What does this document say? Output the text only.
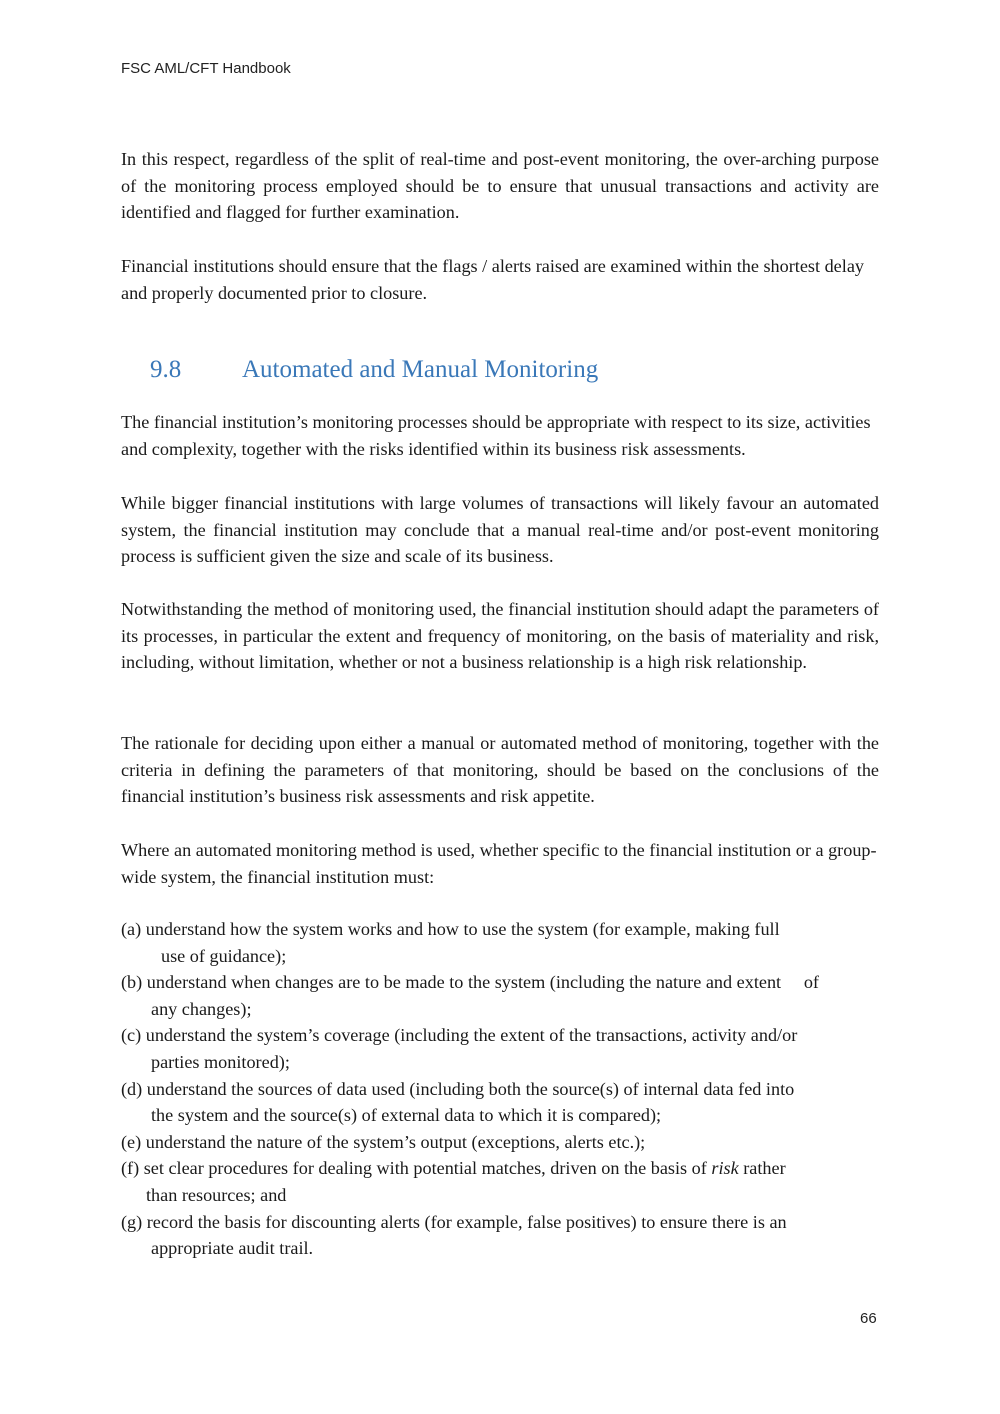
FSC AML/CFT Handbook

In this respect, regardless of the split of real-time and post-event monitoring, the over-arching purpose of the monitoring process employed should be to ensure that unusual transactions and activity are identified and flagged for further examination.

Financial institutions should ensure that the flags / alerts raised are examined within the shortest delay and properly documented prior to closure.

9.8 Automated and Manual Monitoring

The financial institution’s monitoring processes should be appropriate with respect to its size, activities and complexity, together with the risks identified within its business risk assessments.

While bigger financial institutions with large volumes of transactions will likely favour an automated system, the financial institution may conclude that a manual real-time and/or post-event monitoring process is sufficient given the size and scale of its business.

Notwithstanding the method of monitoring used, the financial institution should adapt the parameters of its processes, in particular the extent and frequency of monitoring, on the basis of materiality and risk, including, without limitation, whether or not a business relationship is a high risk relationship.

The rationale for deciding upon either a manual or automated method of monitoring, together with the criteria in defining the parameters of that monitoring, should be based on the conclusions of the financial institution’s business risk assessments and risk appetite.

Where an automated monitoring method is used, whether specific to the financial institution or a group-wide system, the financial institution must:

(a) understand how the system works and how to use the system (for example, making full
use of guidance);
(b) understand when changes are to be made to the system (including the nature and extent     of
any changes);
(c) understand the system’s coverage (including the extent of the transactions, activity and/or
parties monitored);
(d) understand the sources of data used (including both the source(s) of internal data fed into
the system and the source(s) of external data to which it is compared);
(e) understand the nature of the system’s output (exceptions, alerts etc.);
(f) set clear procedures for dealing with potential matches, driven on the basis of risk rather
than resources; and
(g) record the basis for discounting alerts (for example, false positives) to ensure there is an
appropriate audit trail.
66
